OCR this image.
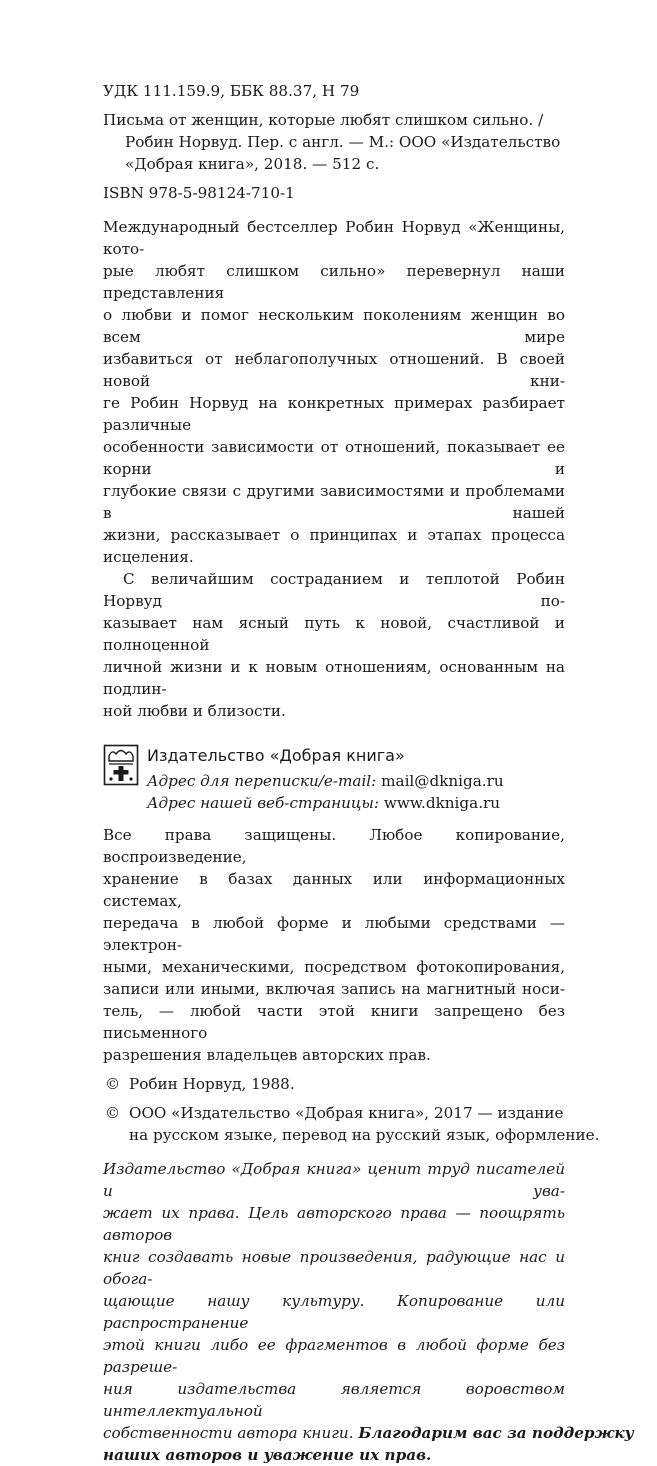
УДК 111.159.9, ББК 88.37, Н 79
Письма от женщин, которые любят слишком сильно. /
Робин Норвуд. Пер. с англ. — М.: ООО «Издательство
«Добрая книга», 2018. — 512 с.
ISBN 978-5-98124-710-1
Международный бестселлер Робин Норвуд «Женщины, кото-
рые любят слишком сильно» перевернул наши представления
о любви и помог нескольким поколениям женщин во всем мире
избавиться от неблагополучных отношений. В своей новой кни-
ге Робин Норвуд на конкретных примерах разбирает различные
особенности зависимости от отношений, показывает ее корни и
глубокие связи с другими зависимостями и проблемами в нашей
жизни, рассказывает о принципах и этапах процесса исцеления.
С величайшим состраданием и теплотой Робин Норвуд по-
казывает нам ясный путь к новой, счастливой и полноценной
личной жизни и к новым отношениям, основанным на подлин-
ной любви и близости.
Издательство «Добрая книга»
Адрес для переписки/e-mail: mail@dkniga.ru
Адрес нашей веб-страницы: www.dkniga.ru
Все права защищены. Любое копирование, воспроизведение,
хранение в базах данных или информационных системах,
передача в любой форме и любыми средствами — электрон-
ными, механическими, посредством фотокопирования,
записи или иными, включая запись на магнитный носи-
тель, — любой части этой книги запрещено без письменного
разрешения владельцев авторских прав.
© Робин Норвуд, 1988.
© ООО «Издательство «Добрая книга», 2017 — издание
на русском языке, перевод на русский язык, оформление.
Издательство «Добрая книга» ценит труд писателей и ува-
жает их права. Цель авторского права — поощрять авторов
книг создавать новые произведения, радующие нас и обога-
щающие нашу культуру. Копирование или распространение
этой книги либо ее фрагментов в любой форме без разреше-
ния издательства является воровством интеллектуальной
собственности автора книги. Благодарим вас за поддержку
наших авторов и уважение их прав.
